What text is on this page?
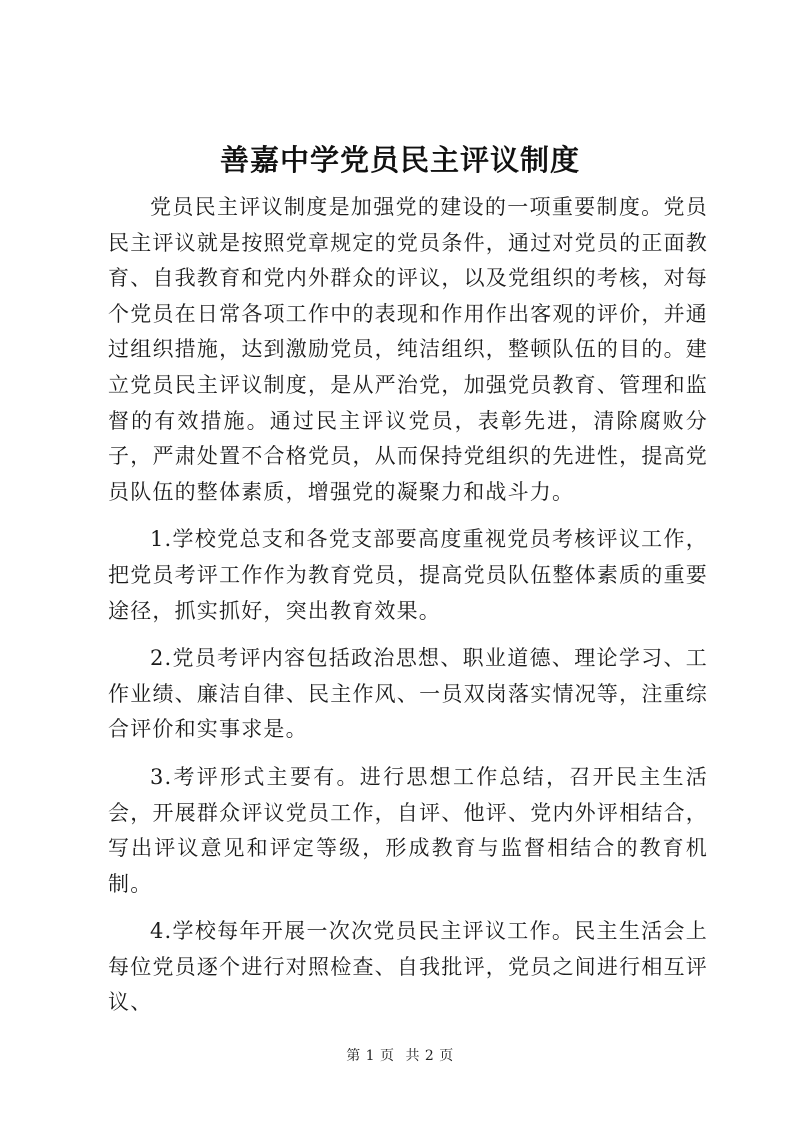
善嘉中学党员民主评议制度

党员民主评议制度是加强党的建设的一项重要制度。党员民主评议就是按照党章规定的党员条件，通过对党员的正面教育、自我教育和党内外群众的评议，以及党组织的考核，对每个党员在日常各项工作中的表现和作用作出客观的评价，并通过组织措施，达到激励党员，纯洁组织，整顿队伍的目的。建立党员民主评议制度，是从严治党，加强党员教育、管理和监督的有效措施。通过民主评议党员，表彰先进，清除腐败分子，严肃处置不合格党员，从而保持党组织的先进性，提高党员队伍的整体素质，增强党的凝聚力和战斗力。

1.学校党总支和各党支部要高度重视党员考核评议工作，把党员考评工作作为教育党员，提高党员队伍整体素质的重要途径，抓实抓好，突出教育效果。

2.党员考评内容包括政治思想、职业道德、理论学习、工作业绩、廉洁自律、民主作风、一员双岗落实情况等，注重综合评价和实事求是。

3.考评形式主要有。进行思想工作总结，召开民主生活会，开展群众评议党员工作，自评、他评、党内外评相结合，写出评议意见和评定等级，形成教育与监督相结合的教育机制。

4.学校每年开展一次次党员民主评议工作。民主生活会上每位党员逐个进行对照检查、自我批评，党员之间进行相互评议、

第 1 页 共 2 页
